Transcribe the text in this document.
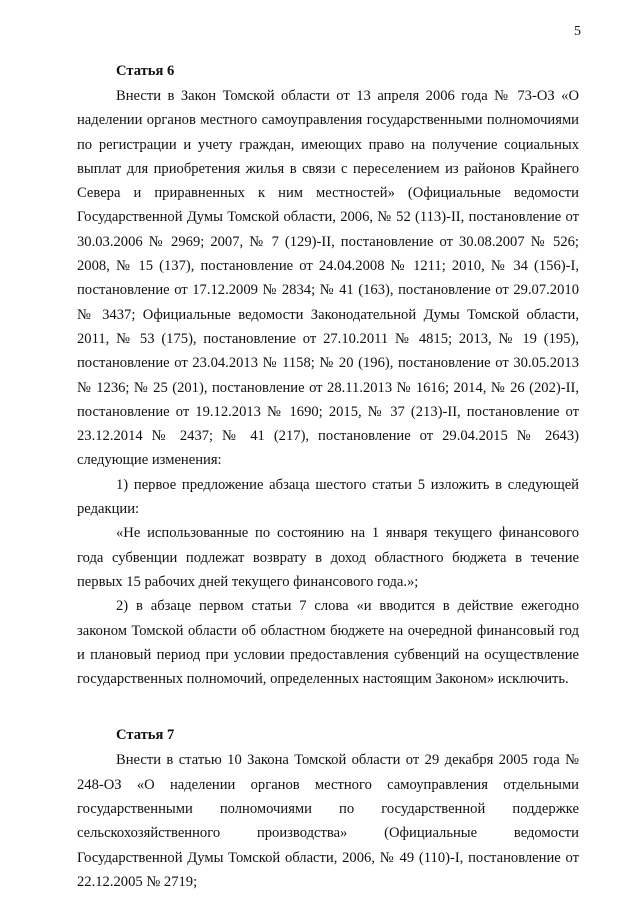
5

Статья 6

Внести в Закон Томской области от 13 апреля 2006 года № 73-ОЗ «О наделении органов местного самоуправления государственными полномочиями по регистрации и учету граждан, имеющих право на получение социальных выплат для приобретения жилья в связи с переселением из районов Крайнего Севера и приравненных к ним местностей» (Официальные ведомости Государственной Думы Томской области, 2006, № 52 (113)-II, постановление от 30.03.2006 № 2969; 2007, № 7 (129)-II, постановление от 30.08.2007 № 526; 2008, № 15 (137), постановление от 24.04.2008 № 1211; 2010, № 34 (156)-I, постановление от 17.12.2009 № 2834; № 41 (163), постановление от 29.07.2010 № 3437; Официальные ведомости Законодательной Думы Томской области, 2011, № 53 (175), постановление от 27.10.2011 № 4815; 2013, № 19 (195), постановление от 23.04.2013 № 1158; № 20 (196), постановление от 30.05.2013 № 1236; № 25 (201), постановление от 28.11.2013 № 1616; 2014, № 26 (202)-II, постановление от 19.12.2013 № 1690; 2015, № 37 (213)-II, постановление от 23.12.2014 № 2437; № 41 (217), постановление от 29.04.2015 № 2643) следующие изменения:

1) первое предложение абзаца шестого статьи 5 изложить в следующей редакции:

«Не использованные по состоянию на 1 января текущего финансового года субвенции подлежат возврату в доход областного бюджета в течение первых 15 рабочих дней текущего финансового года.»;

2) в абзаце первом статьи 7 слова «и вводится в действие ежегодно законом Томской области об областном бюджете на очередной финансовый год и плановый период при условии предоставления субвенций на осуществление государственных полномочий, определенных настоящим Законом» исключить.

Статья 7

Внести в статью 10 Закона Томской области от 29 декабря 2005 года № 248-ОЗ «О наделении органов местного самоуправления отдельными государственными полномочиями по государственной поддержке сельскохозяйственного производства» (Официальные ведомости Государственной Думы Томской области, 2006, № 49 (110)-I, постановление от 22.12.2005 № 2719;
